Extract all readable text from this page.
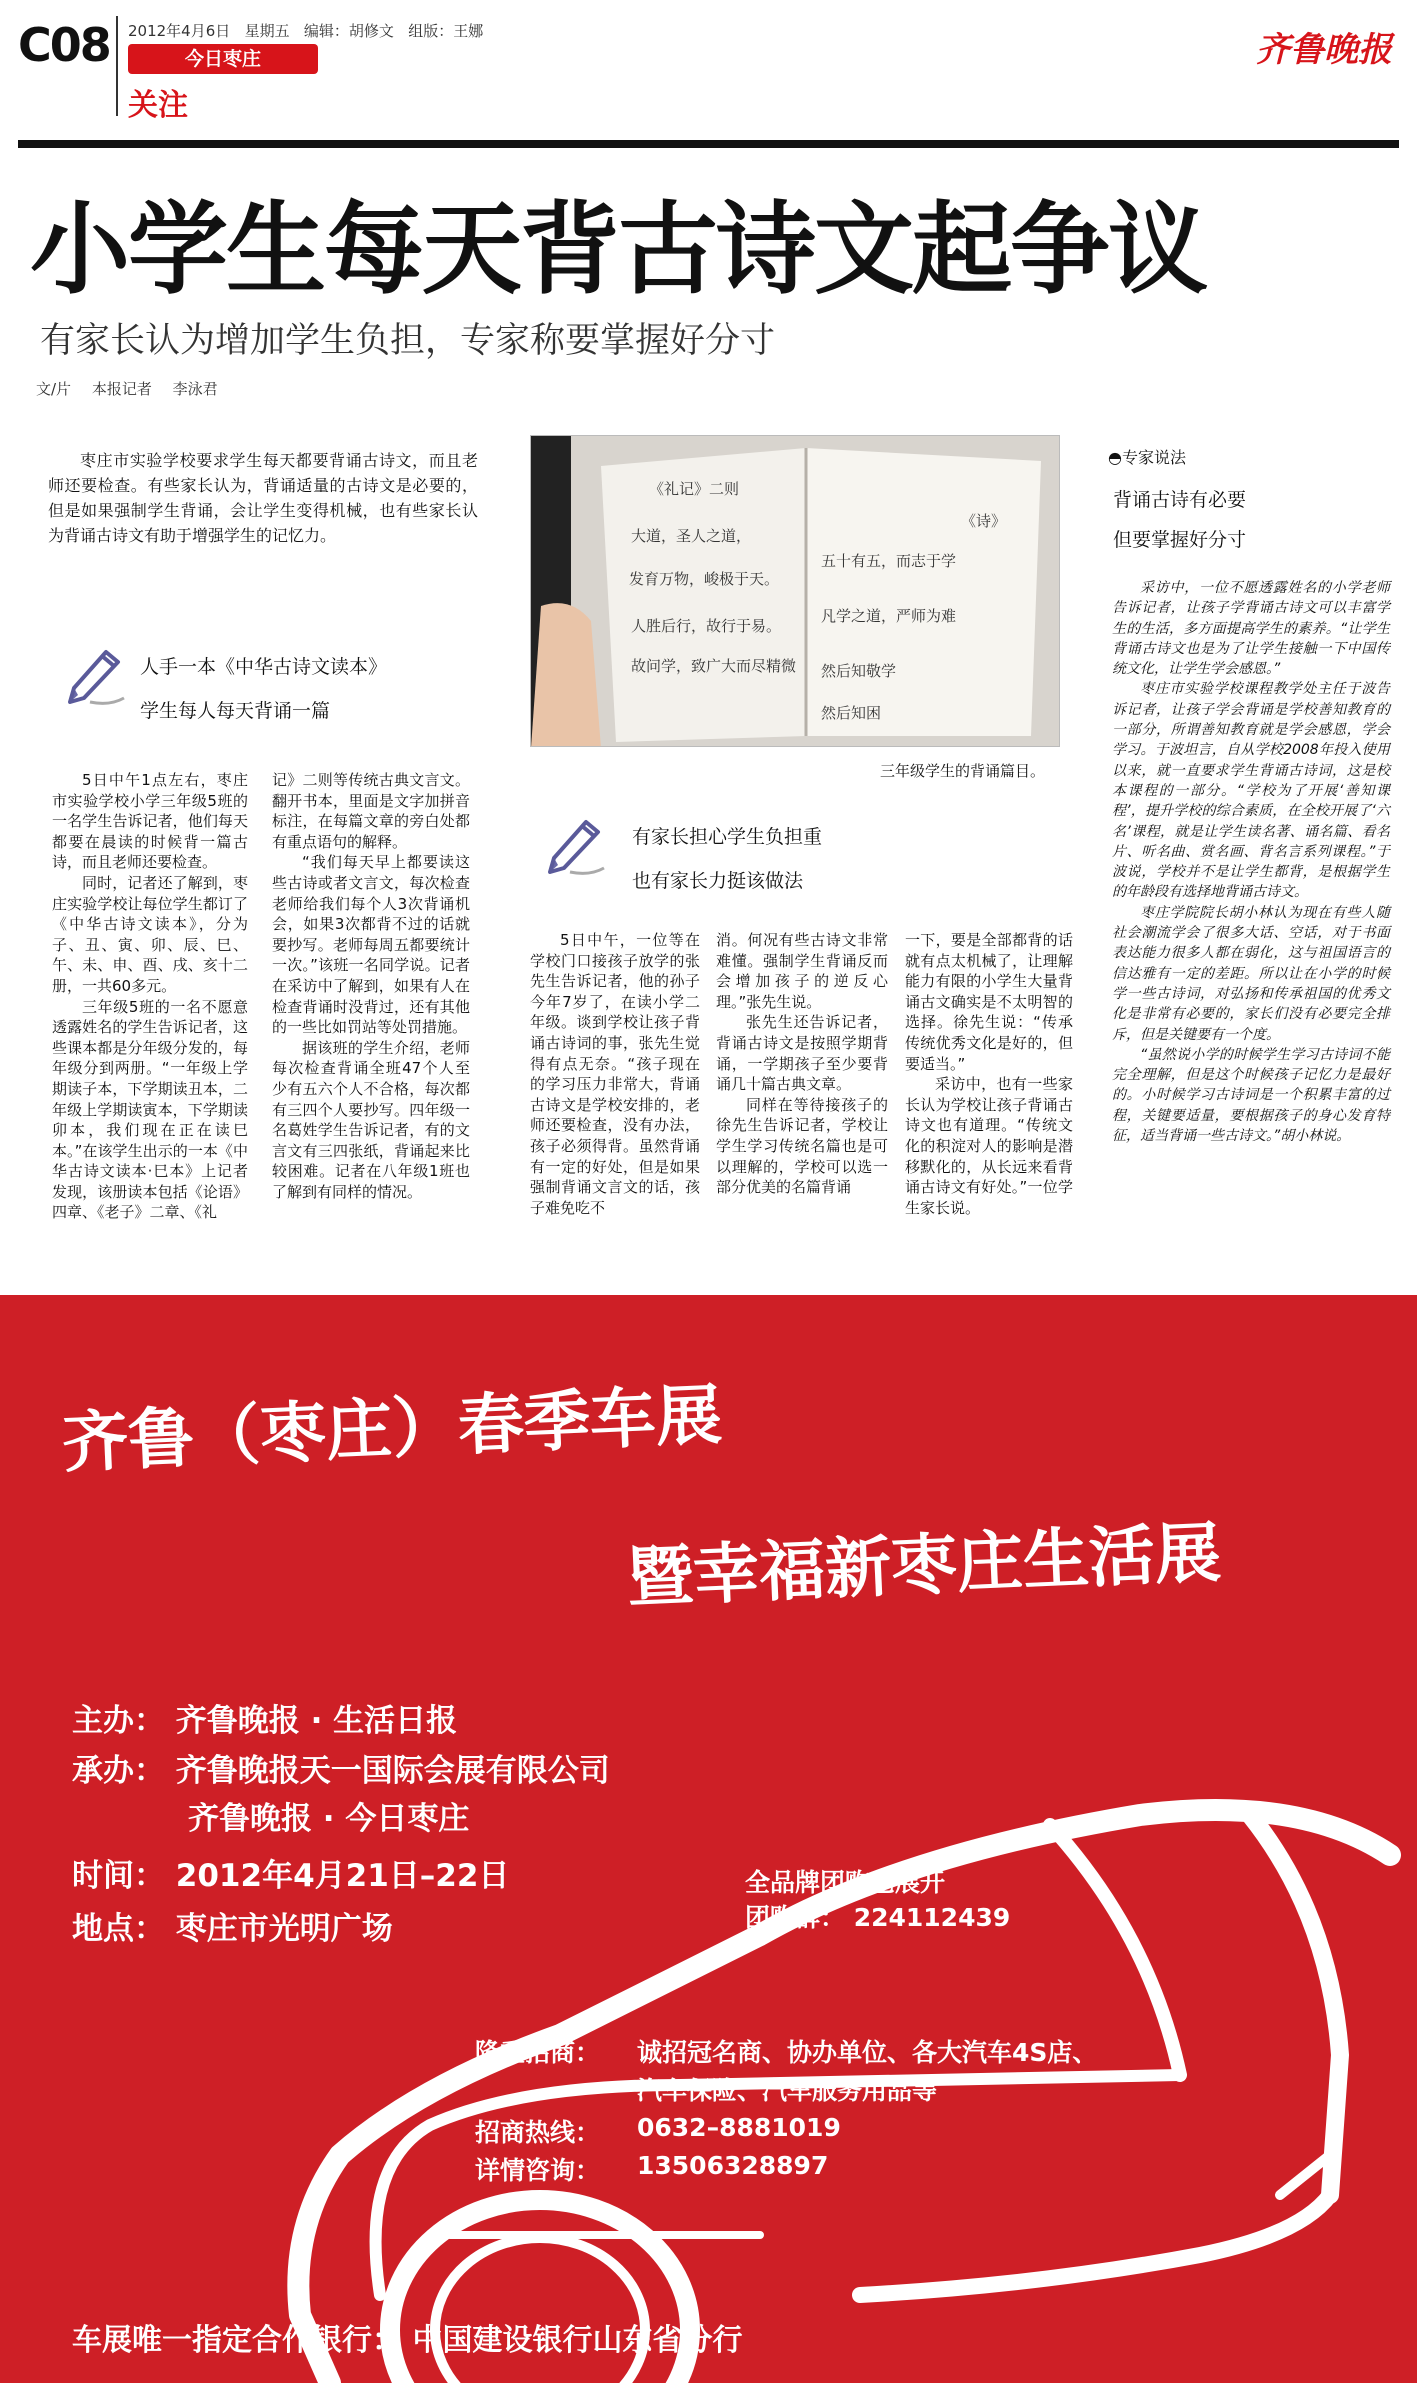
C08 2012年4月6日 星期五 编辑：胡修文 组版：王娜
今日枣庄
关注
齐鲁晚报
小学生每天背古诗文起争议
有家长认为增加学生负担，专家称要掌握好分寸
文/片 本报记者 李泳君
枣庄市实验学校要求学生每天都要背诵古诗文，而且老师还要检查。有些家长认为，背诵适量的古诗文是必要的，但是如果强制学生背诵，会让学生变得机械，也有些家长认为背诵古诗文有助于增强学生的记忆力。
人手一本《中华古诗文读本》
学生每人每天背诵一篇

5日中午1点左右，枣庄市实验学校小学三年级5班的一名学生告诉记者，他们每天都要在晨读的时候背一篇古诗，而且老师还要检查。

同时，记者还了解到，枣庄实验学校让每位学生都订了《中华古诗文读本》，分为子、丑、寅、卯、辰、巳、午、未、申、酉、戌、亥十二册，一共60多元。

三年级5班的一名不愿意透露姓名的学生告诉记者，这些课本都是分年级分发的，每年级分到两册。“一年级上学期读子本，下学期读丑本，二年级上学期读寅本，下学期读卯本，我们现在正在读巳本。”在该学生出示的一本《中华古诗文读本·巳本》上记者发现，该册读本包括《论语》四章、《老子》二章、《礼

记》二则等传统古典文言文。翻开书本，里面是文字加拼音标注，在每篇文章的旁白处都有重点语句的解释。

“我们每天早上都要读这些古诗或者文言文，每次检查老师给我们每个人3次背诵机会，如果3次都背不过的话就要抄写。老师每周五都要统计一次。”该班一名同学说。记者在采访中了解到，如果有人在检查背诵时没背过，还有其他的一些比如罚站等处罚措施。

据该班的学生介绍，老师每次检查背诵全班47个人至少有五六个人不合格，每次都有三四个人要抄写。四年级一名葛姓学生告诉记者，有的文言文有三四张纸，背诵起来比较困难。记者在八年级1班也了解到有同样的情况。

《礼记》二则
大道，圣人之道，
发育万物，峻极于天。
人胜后行，故行于易。
故问学，致广大而尽精微
《诗》
凡学之道，严师为难
五十有五，而志于学
然后知敬学
然后知困
三年级学生的背诵篇目。
有家长担心学生负担重
也有家长力挺该做法

5日中午，一位等在学校门口接孩子放学的张先生告诉记者，他的孙子今年7岁了，在读小学二年级。谈到学校让孩子背诵古诗词的事，张先生觉得有点无奈。“孩子现在的学习压力非常大，背诵古诗文是学校安排的，老师还要检查，没有办法，孩子必须得背。虽然背诵有一定的好处，但是如果强制背诵文言文的话，孩子难免吃不

消。何况有些古诗文非常难懂。强制学生背诵反而会增加孩子的逆反心理。”张先生说。

张先生还告诉记者，背诵古诗文是按照学期背诵，一学期孩子至少要背诵几十篇古典文章。

同样在等待接孩子的徐先生告诉记者，学校让学生学习传统名篇也是可以理解的，学校可以选一部分优美的名篇背诵

一下，要是全部都背的话就有点太机械了，让理解能力有限的小学生大量背诵古文确实是不太明智的选择。徐先生说：“传承传统优秀文化是好的，但要适当。”

采访中，也有一些家长认为学校让孩子背诵古诗文也有道理。“传统文化的积淀对人的影响是潜移默化的，从长远来看背诵古诗文有好处。”一位学生家长说。

◓专家说法
背诵古诗有必要
但要掌握好分寸

采访中，一位不愿透露姓名的小学老师告诉记者，让孩子学背诵古诗文可以丰富学生的生活，多方面提高学生的素养。“让学生背诵古诗文也是为了让学生接触一下中国传统文化，让学生学会感恩。”

枣庄市实验学校课程教学处主任于波告诉记者，让孩子学会背诵是学校善知教育的一部分，所谓善知教育就是学会感恩，学会学习。于波坦言，自从学校2008年投入使用以来，就一直要求学生背诵古诗词，这是校本课程的一部分。“学校为了开展‘善知课程’，提升学校的综合素质，在全校开展了‘六名’课程，就是让学生读名著、诵名篇、看名片、听名曲、赏名画、背名言系列课程。”于波说，学校并不是让学生都背，是根据学生的年龄段有选择地背诵古诗文。

枣庄学院院长胡小林认为现在有些人随社会潮流学会了很多大话、空话，对于书面表达能力很多人都在弱化，这与祖国语言的信达雅有一定的差距。所以让在小学的时候学一些古诗词，对弘扬和传承祖国的优秀文化是非常有必要的，家长们没有必要完全排斥，但是关键要有一个度。

“虽然说小学的时候学生学习古诗词不能完全理解，但是这个时候孩子记忆力是最好的。小时候学习古诗词是一个积累丰富的过程，关键要适量，要根据孩子的身心发育特征，适当背诵一些古诗文。”胡小林说。

齐鲁（枣庄）春季车展
暨幸福新枣庄生活展
主办： 齐鲁晚报 · 生活日报
承办： 齐鲁晚报天一国际会展有限公司
齐鲁晚报 · 今日枣庄
时间： 2012年4月21日–22日
地点： 枣庄市光明广场
全品牌团购已展开
团购群： 224112439
隆重招商： 诚招冠名商、协办单位、各大汽车4S店、
汽车保险、汽车服务用品等
招商热线： 0632–8881019
详情咨询： 13506328897
车展唯一指定合作银行： 中国建设银行山东省分行
